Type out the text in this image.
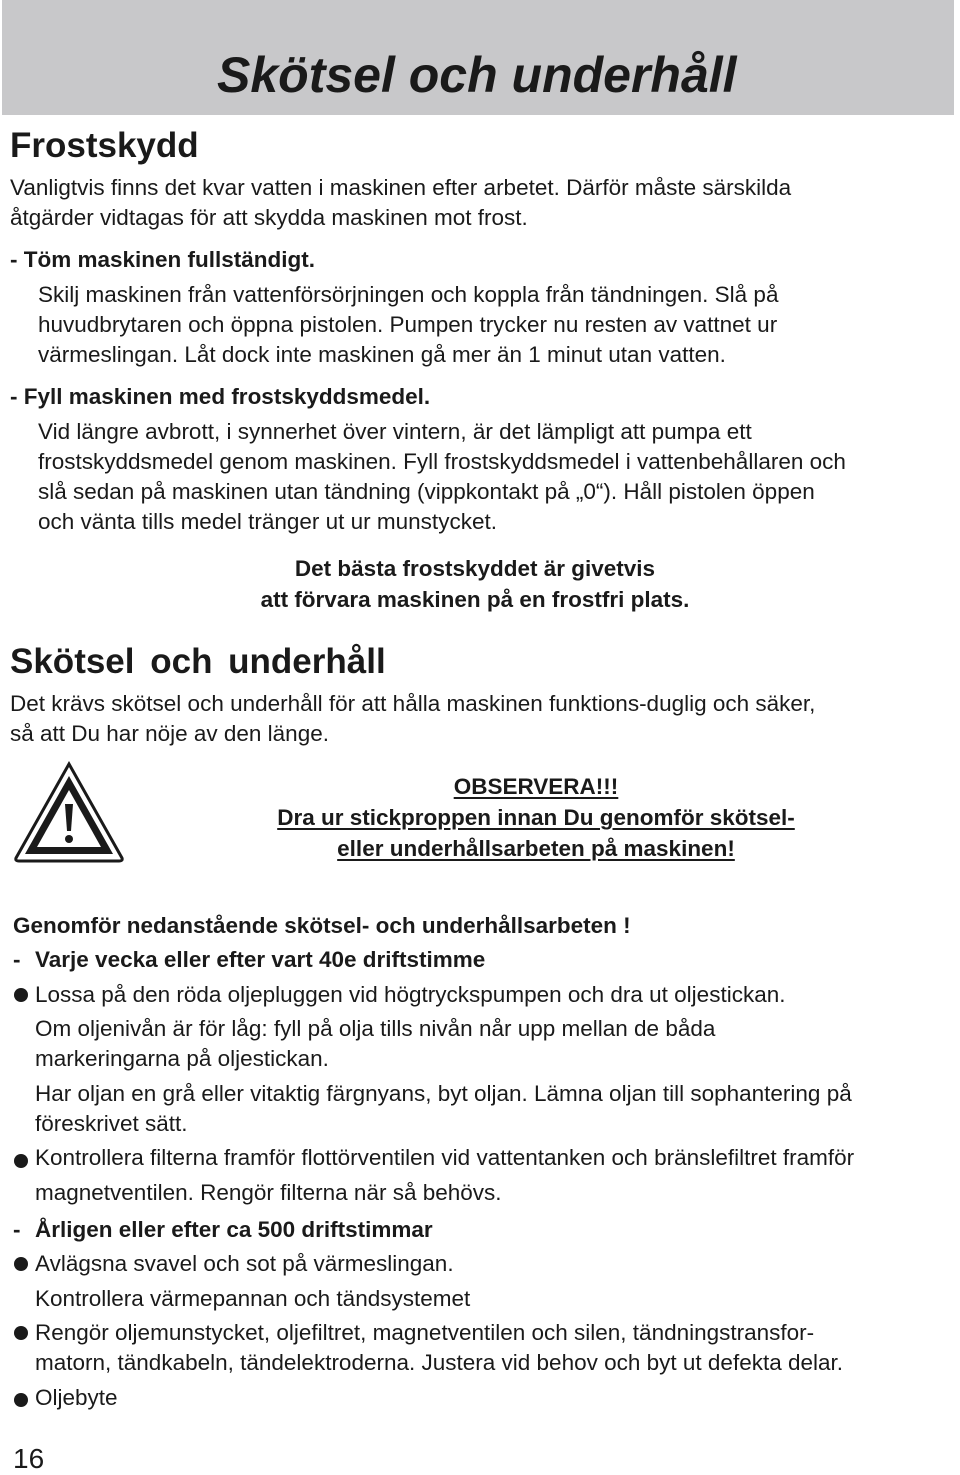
Skötsel och underhåll
Frostskydd
Vanligtvis finns det kvar vatten i maskinen efter arbetet. Därför måste särskilda
åtgärder vidtagas för att skydda maskinen mot frost.
- Töm maskinen fullständigt.
Skilj maskinen från vattenförsörjningen och koppla från tändningen. Slå på
huvudbrytaren och öppna pistolen. Pumpen trycker nu resten av vattnet ur
värmeslingan. Låt dock inte maskinen gå mer än 1 minut utan vatten.
- Fyll maskinen med frostskyddsmedel.
Vid längre avbrott, i synnerhet över vintern, är det lämpligt att pumpa ett
frostskyddsmedel genom maskinen. Fyll frostskyddsmedel i vattenbehållaren och
slå sedan på maskinen utan tändning (vippkontakt på „0“). Håll pistolen öppen
och vänta tills medel tränger ut ur munstycket.
Det bästa frostskyddet är givetvis
att förvara maskinen på en frostfri plats.
Skötsel och underhåll
Det krävs skötsel och underhåll för att hålla maskinen funktions-duglig och säker,
så att Du har nöje av den länge.
OBSERVERA!!!
Dra ur stickproppen innan Du genomför skötsel-
eller underhållsarbeten på maskinen!
Genomför nedanstående skötsel- och underhållsarbeten !
- Varje vecka eller efter vart 40e driftstimme
Lossa på den röda oljepluggen vid högtryckspumpen och dra ut oljestickan.
Om oljenivån är för låg: fyll på olja tills nivån når upp mellan de båda
markeringarna på oljestickan.
Har oljan en grå eller vitaktig färgnyans, byt oljan. Lämna oljan till sophantering på
föreskrivet sätt.
Kontrollera filterna framför flottörventilen vid vattentanken och bränslefiltret framför
magnetventilen. Rengör filterna när så behövs.
- Årligen eller efter ca 500 driftstimmar
Avlägsna svavel och sot på värmeslingan.
Kontrollera värmepannan och tändsystemet
Rengör oljemunstycket, oljefiltret, magnetventilen och silen, tändningstransfor-
matorn, tändkabeln, tändelektroderna. Justera vid behov och byt ut defekta delar.
Oljebyte
16
